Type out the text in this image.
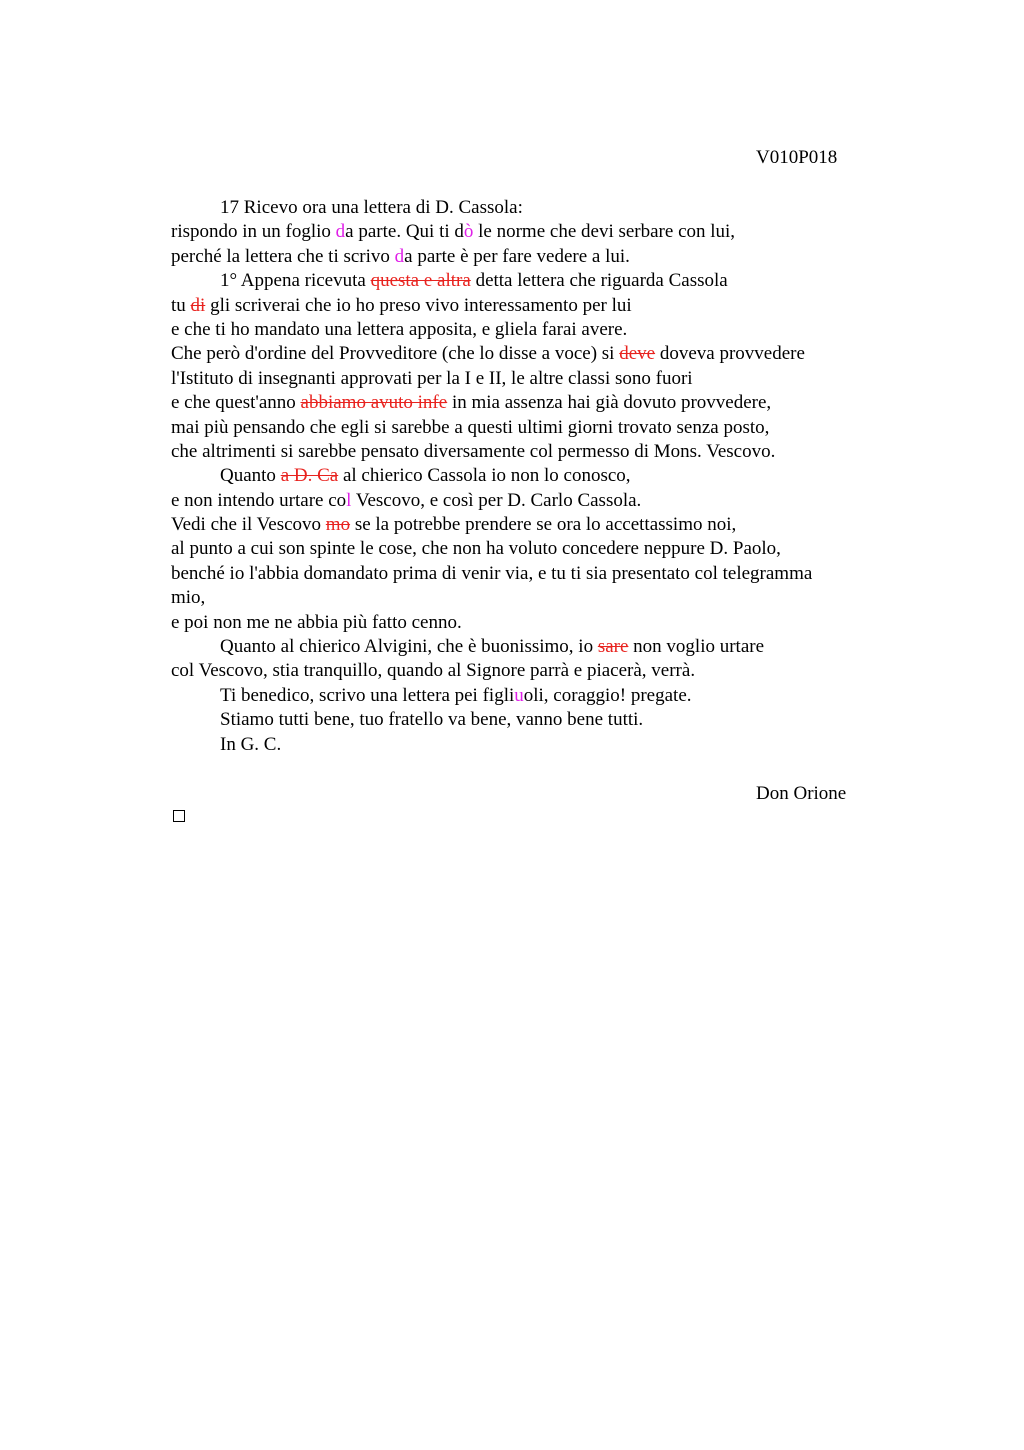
V010P018
17 Ricevo ora una lettera di D. Cassola:
rispondo in un foglio da parte. Qui ti dò le norme che devi serbare con lui,
perché la lettera che ti scrivo da parte è per fare vedere a lui.
1° Appena ricevuta questa e altra detta lettera che riguarda Cassola
tu di gli scriverai che io ho preso vivo interessamento per lui
e che ti ho mandato una lettera apposita, e gliela farai avere.
Che però d'ordine del Provveditore (che lo disse a voce) si deve doveva provvedere
l'Istituto di insegnanti approvati per la I e II, le altre classi sono fuori
e che quest'anno abbiamo avuto infe in mia assenza hai già dovuto provvedere,
mai più pensando che egli si sarebbe a questi ultimi giorni trovato senza posto,
che altrimenti si sarebbe pensato diversamente col permesso di Mons. Vescovo.
Quanto a D. Ca al chierico Cassola io non lo conosco,
e non intendo urtare col Vescovo, e così per D. Carlo Cassola.
Vedi che il Vescovo mo se la potrebbe prendere se ora lo accettassimo noi,
al punto a cui son spinte le cose, che non ha voluto concedere neppure D. Paolo,
benché io l'abbia domandato prima di venir via, e tu ti sia presentato col telegramma
mio,
e poi non me ne abbia più fatto cenno.
Quanto al chierico Alvigini, che è buonissimo, io sare non voglio urtare
col Vescovo, stia tranquillo, quando al Signore parrà e piacerà, verrà.
Ti benedico, scrivo una lettera pei figliuoli, coraggio! pregate.
Stiamo tutti bene, tuo fratello va bene, vanno bene tutti.
In G. C.
Don Orione
